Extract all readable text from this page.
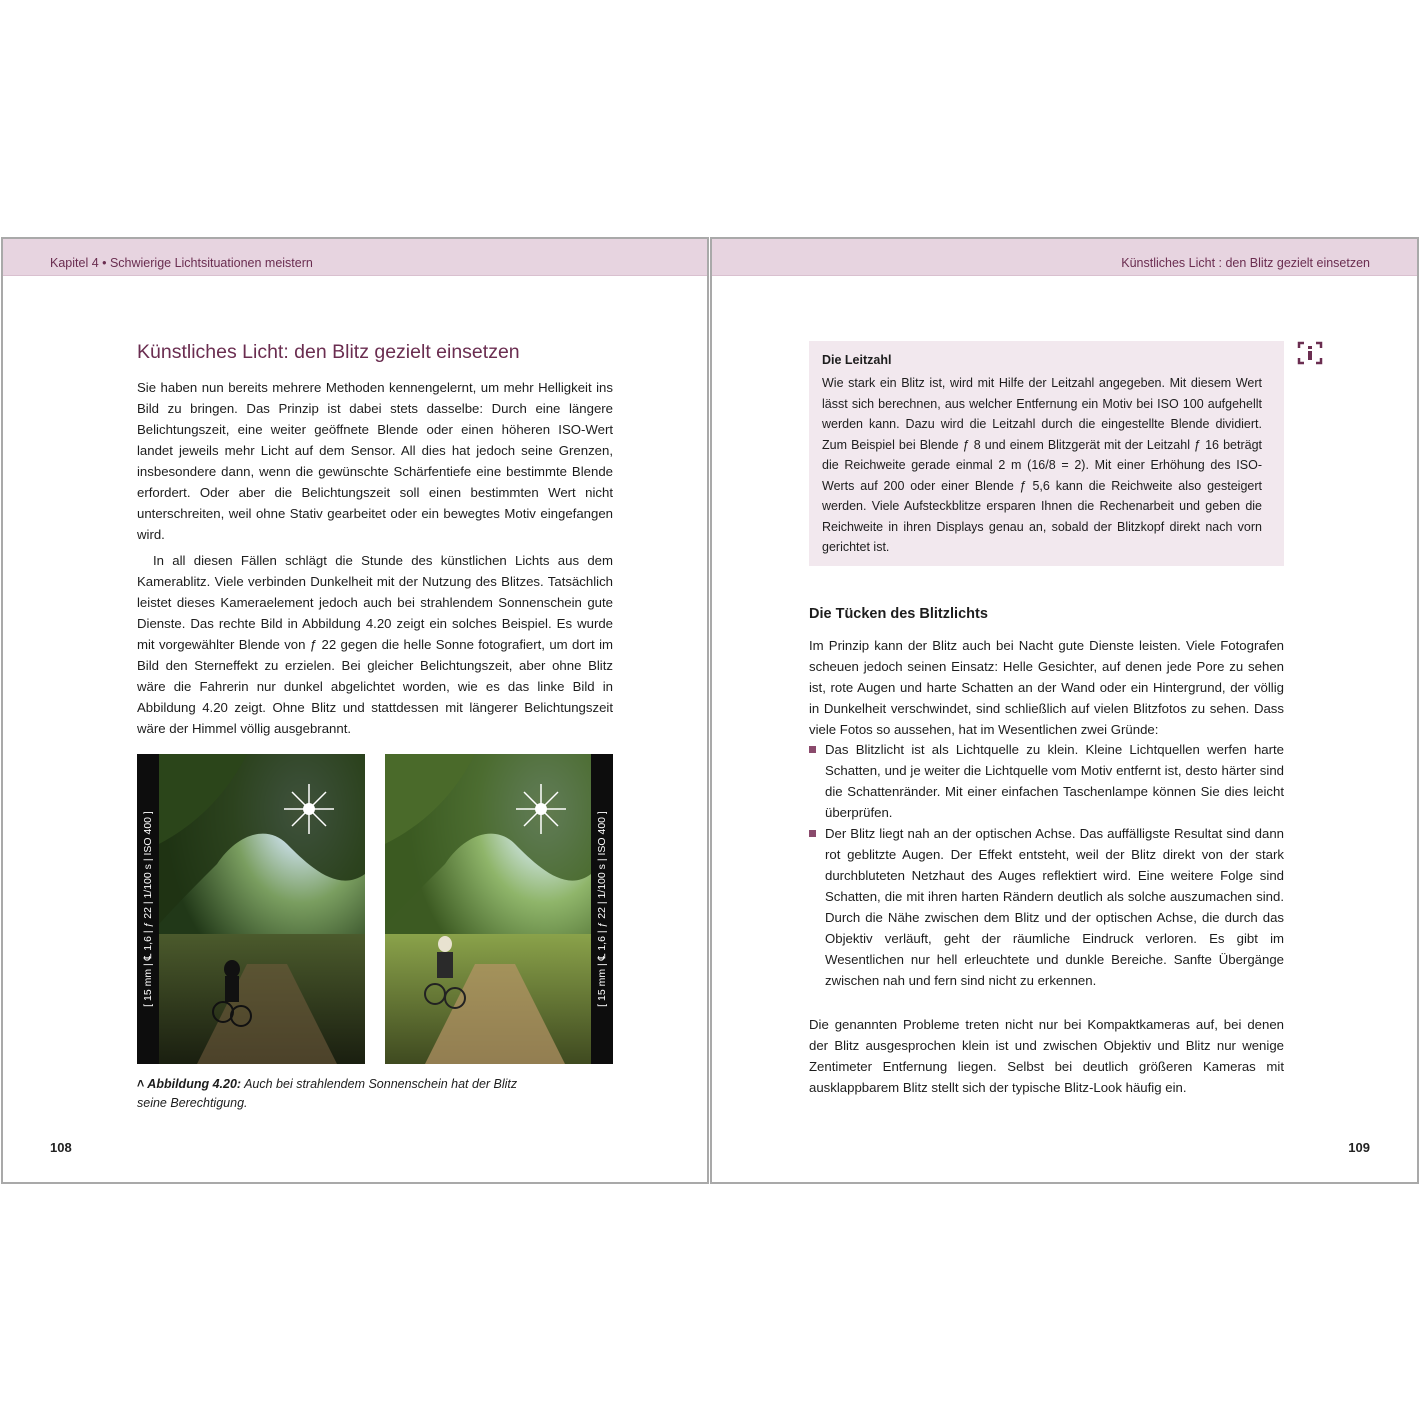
Kapitel 4 • Schwierige Lichtsituationen meistern
Künstliches Licht: den Blitz gezielt einsetzen

Sie haben nun bereits mehrere Methoden kennengelernt, um mehr Helligkeit ins Bild zu bringen. Das Prinzip ist dabei stets dasselbe: Durch eine längere Belichtungszeit, eine weiter geöffnete Blende oder einen höheren ISO-Wert landet jeweils mehr Licht auf dem Sensor. All dies hat jedoch seine Grenzen, insbesondere dann, wenn die gewünschte Schärfentiefe eine bestimmte Blende erfordert. Oder aber die Belichtungszeit soll einen bestimmten Wert nicht unterschreiten, weil ohne Stativ gearbeitet oder ein bewegtes Motiv eingefangen wird.

In all diesen Fällen schlägt die Stunde des künstlichen Lichts aus dem Kamerablitz. Viele verbinden Dunkelheit mit der Nutzung des Blitzes. Tatsächlich leistet dieses Kameraelement jedoch auch bei strahlendem Sonnenschein gute Dienste. Das rechte Bild in Abbildung 4.20 zeigt ein solches Beispiel. Es wurde mit vorgewählter Blende von ƒ 22 gegen die helle Sonne fotografiert, um dort im Bild den Sterneffekt zu erzielen. Bei gleicher Belichtungszeit, aber ohne Blitz wäre die Fahrerin nur dunkel abgelichtet worden, wie es das linke Bild in Abbildung 4.20 zeigt. Ohne Blitz und stattdessen mit längerer Belichtungszeit wäre der Himmel völlig ausgebrannt.

[ 15 mm | ℄ 1,6 | ƒ 22 | 1/100 s | ISO 400 ]	[ 15 mm | ℄ 1,6 | ƒ 22 | 1/100 s | ISO 400 ]
˄ Abbildung 4.20: Auch bei strahlendem Sonnenschein hat der Blitz seine Berechtigung.
108
Künstliches Licht : den Blitz gezielt einsetzen
Die Leitzahl

Wie stark ein Blitz ist, wird mit Hilfe der Leitzahl angegeben. Mit diesem Wert lässt sich berechnen, aus welcher Entfernung ein Motiv bei ISO 100 aufgehellt werden kann. Dazu wird die Leitzahl durch die eingestellte Blende dividiert. Zum Beispiel bei Blende ƒ 8 und einem Blitzgerät mit der Leitzahl ƒ 16 beträgt die Reichweite gerade einmal 2 m (16/8 = 2). Mit einer Erhöhung des ISO-Werts auf 200 oder einer Blende ƒ 5,6 kann die Reichweite also gesteigert werden. Viele Aufsteckblitze ersparen Ihnen die Rechenarbeit und geben die Reichweite in ihren Displays genau an, sobald der Blitzkopf direkt nach vorn gerichtet ist.

Die Tücken des Blitzlichts

Im Prinzip kann der Blitz auch bei Nacht gute Dienste leisten. Viele Fotografen scheuen jedoch seinen Einsatz: Helle Gesichter, auf denen jede Pore zu sehen ist, rote Augen und harte Schatten an der Wand oder ein Hintergrund, der völlig in Dunkelheit verschwindet, sind schließlich auf vielen Blitzfotos zu sehen. Dass viele Fotos so aussehen, hat im Wesentlichen zwei Gründe:

Das Blitzlicht ist als Lichtquelle zu klein. Kleine Lichtquellen werfen harte Schatten, und je weiter die Lichtquelle vom Motiv entfernt ist, desto härter sind die Schattenränder. Mit einer einfachen Taschenlampe können Sie dies leicht überprüfen.

Der Blitz liegt nah an der optischen Achse. Das auffälligste Resultat sind dann rot geblitzte Augen. Der Effekt entsteht, weil der Blitz direkt von der stark durchbluteten Netzhaut des Auges reflektiert wird. Eine weitere Folge sind Schatten, die mit ihren harten Rändern deutlich als solche auszumachen sind. Durch die Nähe zwischen dem Blitz und der optischen Achse, die durch das Objektiv verläuft, geht der räumliche Eindruck verloren. Es gibt im Wesentlichen nur hell erleuchtete und dunkle Bereiche. Sanfte Übergänge zwischen nah und fern sind nicht zu erkennen.

Die genannten Probleme treten nicht nur bei Kompaktkameras auf, bei denen der Blitz ausgesprochen klein ist und zwischen Objektiv und Blitz nur wenige Zentimeter Entfernung liegen. Selbst bei deutlich größeren Kameras mit ausklappbarem Blitz stellt sich der typische Blitz-Look häufig ein.

109
